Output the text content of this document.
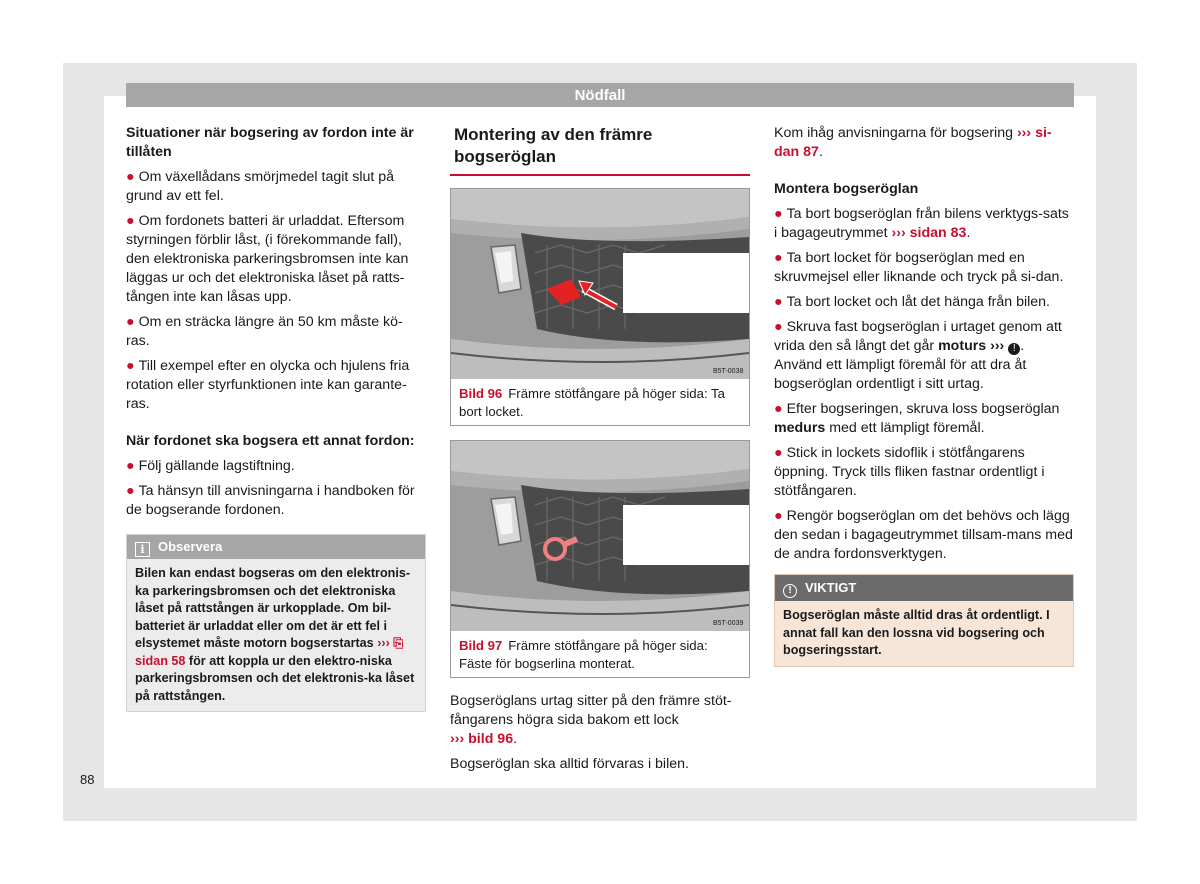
Nödfall

Situationer när bogsering av fordon inte är tillåten

● Om växellådans smörjmedel tagit slut på grund av ett fel.

● Om fordonets batteri är urladdat. Eftersom styrningen förblir låst, (i förekommande fall), den elektroniska parkeringsbromsen inte kan läggas ur och det elektroniska låset på ratts-tången inte kan låsas upp.

● Om en sträcka längre än 50 km måste kö-ras.

● Till exempel efter en olycka och hjulens fria rotation eller styrfunktionen inte kan garante-ras.

När fordonet ska bogsera ett annat fordon:

● Följ gällande lagstiftning.

● Ta hänsyn till anvisningarna i handboken för de bogserande fordonen.

i Observera
Bilen kan endast bogseras om den elektronis-ka parkeringsbromsen och det elektroniska låset på rattstången är urkopplade. Om bil-batteriet är urladdat eller om det är ett fel i elsystemet måste motorn bogserstartas ››› ⎘ sidan 58 för att koppla ur den elektro-niska parkeringsbromsen och det elektronis-ka låset på rattstången.
Montering av den främre bogseröglan
B5T-0038
Bild 96 Främre stötfångare på höger sida: Ta bort locket.
B5T-0039
Bild 97 Främre stötfångare på höger sida: Fäste för bogserlina monterat.

Bogseröglans urtag sitter på den främre stöt-fångarens högra sida bakom ett lock
››› bild 96.

Bogseröglan ska alltid förvaras i bilen.

Kom ihåg anvisningarna för bogsering ››› si-dan 87.

Montera bogseröglan

● Ta bort bogseröglan från bilens verktygs-sats i bagageutrymmet ››› sidan 83.

● Ta bort locket för bogseröglan med en skruvmejsel eller liknande och tryck på si-dan.

● Ta bort locket och låt det hänga från bilen.

● Skruva fast bogseröglan i urtaget genom att vrida den så långt det går moturs ››› ! . Använd ett lämpligt föremål för att dra åt bogseröglan ordentligt i sitt urtag.

● Efter bogseringen, skruva loss bogseröglan medurs med ett lämpligt föremål.

● Stick in lockets sidoflik i stötfångarens öppning. Tryck tills fliken fastnar ordentligt i stötfångaren.

● Rengör bogseröglan om det behövs och lägg den sedan i bagageutrymmet tillsam-mans med de andra fordonsverktygen.

! VIKTIGT
Bogseröglan måste alltid dras åt ordentligt. I annat fall kan den lossna vid bogsering och bogseringsstart.
88
